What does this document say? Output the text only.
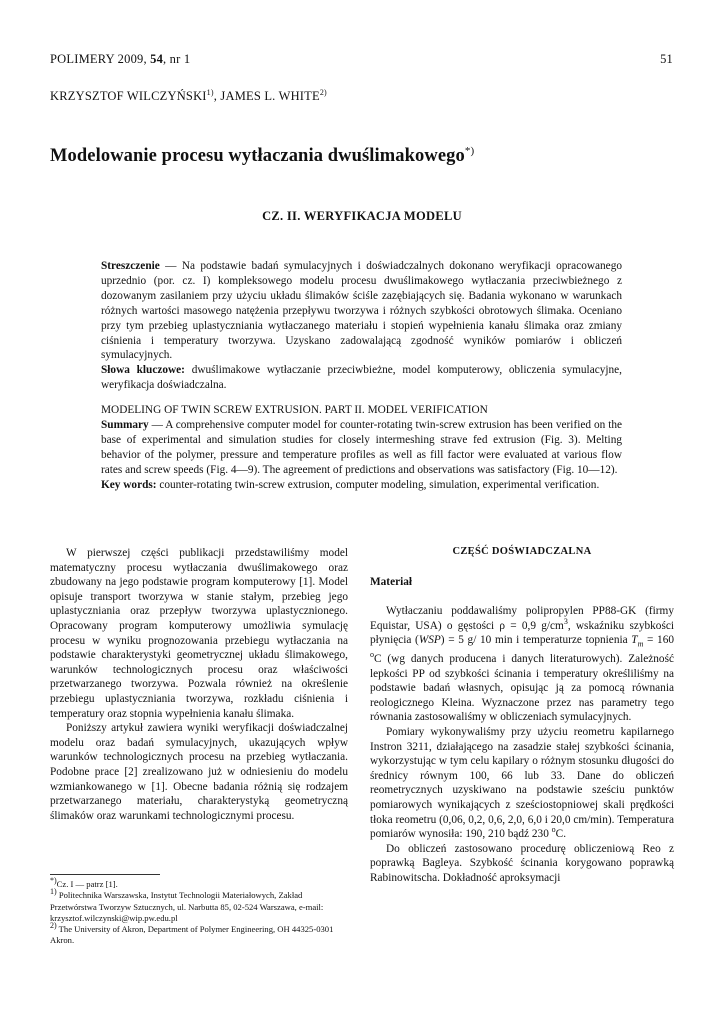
POLIMERY 2009, 54, nr 1	51
KRZYSZTOF WILCZYŃSKI$^{1)}$, JAMES L. WHITE$^{2)}$
Modelowanie procesu wytłaczania dwuślimakowego*)
CZ. II. WERYFIKACJA MODELU

Streszczenie — Na podstawie badań symulacyjnych i doświadczalnych dokonano weryfikacji opracowanego uprzednio (por. cz. I) kompleksowego modelu procesu dwuślimakowego wytłaczania przeciwbieżnego z dozowanym zasilaniem przy użyciu układu ślimaków ściśle zazębiających się. Badania wykonano w warunkach różnych wartości masowego natężenia przepływu tworzywa i różnych szybkości obrotowych ślimaka. Oceniano przy tym przebieg uplastyczniania wytłaczanego materiału i stopień wypełnienia kanału ślimaka oraz zmiany ciśnienia i temperatury tworzywa. Uzyskano zadowalającą zgodność wyników pomiarów i obliczeń symulacyjnych.

Słowa kluczowe: dwuślimakowe wytłaczanie przeciwbieżne, model komputerowy, obliczenia symulacyjne, weryfikacja doświadczalna.

MODELING OF TWIN SCREW EXTRUSION. PART II. MODEL VERIFICATION

Summary — A comprehensive computer model for counter-rotating twin-screw extrusion has been verified on the base of experimental and simulation studies for closely intermeshing strave fed extrusion (Fig. 3). Melting behavior of the polymer, pressure and temperature profiles as well as fill factor were evaluated at various flow rates and screw speeds (Fig. 4—9). The agreement of predictions and observations was satisfactory (Fig. 10—12).

Key words: counter-rotating twin-screw extrusion, computer modeling, simulation, experimental verification.

W pierwszej części publikacji przedstawiliśmy model matematyczny procesu wytłaczania dwuślimakowego oraz zbudowany na jego podstawie program komputerowy [1]. Model opisuje transport tworzywa w stanie stałym, przebieg jego uplastyczniania oraz przepływ tworzywa uplastycznionego. Opracowany program komputerowy umożliwia symulację procesu w wyniku prognozowania przebiegu wytłaczania na podstawie charakterystyki geometrycznej układu ślimakowego, warunków technologicznych procesu oraz właściwości przetwarzanego tworzywa. Pozwala również na określenie przebiegu uplastyczniania tworzywa, rozkładu ciśnienia i temperatury oraz stopnia wypełnienia kanału ślimaka.

Poniższy artykuł zawiera wyniki weryfikacji doświadczalnej modelu oraz badań symulacyjnych, ukazujących wpływ warunków technologicznych procesu na przebieg wytłaczania. Podobne prace [2] zrealizowano już w odniesieniu do modelu wzmiankowanego w [1]. Obecne badania różnią się rodzajem przetwarzanego materiału, charakterystyką geometryczną ślimaków oraz warunkami technologicznymi procesu.

*)Cz. I — patrz [1].
$^{1)}$ Politechnika Warszawska, Instytut Technologii Materiałowych, Zakład Przetwórstwa Tworzyw Sztucznych, ul. Narbutta 85, 02-524 Warszawa, e-mail: krzysztof.wilczynski@wip.pw.edu.pl
$^{2)}$ The University of Akron, Department of Polymer Engineering, OH 44325-0301 Akron.
CZĘŚĆ DOŚWIADCZALNA
Materiał

Wytłaczaniu poddawaliśmy polipropylen PP88-GK (firmy Equistar, USA) o gęstości ρ = 0,9 $g/cm^3$, wskaźniku szybkości płynięcia (WSP) = 5 g/ 10 min i temperaturze topnienia $T_m = 160$ $^o$C (wg danych producena i danych literaturowych). Zależność lepkości PP od szybkości ścinania i temperatury określiliśmy na podstawie badań własnych, opisując ją za pomocą równania reologicznego Kleina. Wyznaczone przez nas parametry tego równania zastosowaliśmy w obliczeniach symulacyjnych.

Pomiary wykonywaliśmy przy użyciu reometru kapilarnego Instron 3211, działającego na zasadzie stałej szybkości ścinania, wykorzystując w tym celu kapilary o różnym stosunku długości do średnicy równym 100, 66 lub 33. Dane do obliczeń reometrycznych uzyskiwano na podstawie sześciu punktów pomiarowych wynikających z sześciostopniowej skali prędkości tłoka reometru (0,06, 0,2, 0,6, 2,0, 6,0 i 20,0 cm/min). Temperatura pomiarów wynosiła: 190, 210 bądź 230 $^o$C.

Do obliczeń zastosowano procedurę obliczeniową Reo z poprawką Bagleya. Szybkość ścinania korygowano poprawką Rabinowitscha. Dokładność aproksymacji
